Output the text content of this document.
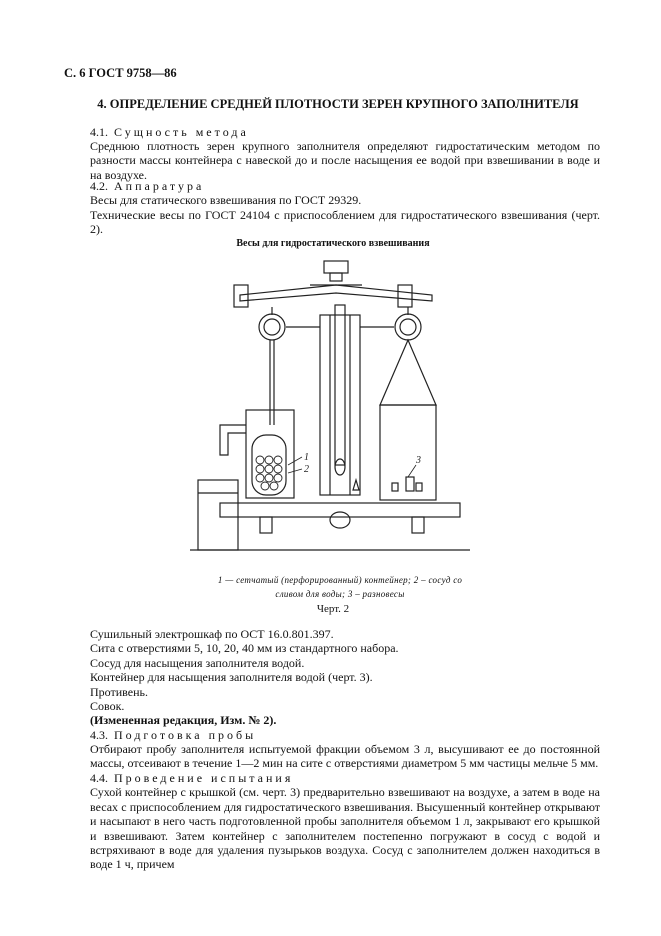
С. 6 ГОСТ 9758—86
4. ОПРЕДЕЛЕНИЕ СРЕДНЕЙ ПЛОТНОСТИ ЗЕРЕН КРУПНОГО ЗАПОЛНИТЕЛЯ

4.1. Сущность метода

Среднюю плотность зерен крупного заполнителя определяют гидростатическим методом по разности массы контейнера с навеской до и после насыщения ее водой при взвешивании в воде и на воздухе.

4.2. Аппаратура

Весы для статического взвешивания по ГОСТ 29329.

Технические весы по ГОСТ 24104 с приспособлением для гидростатического взвешивания (черт. 2).

Весы для гидростатического взвешивания
1
2
3
1 — сетчатый (перфорированный) контейнер; 2 – сосуд со
сливом для воды; 3 – разновесы
Черт. 2

Сушильный электрошкаф по ОСТ 16.0.801.397.

Сита с отверстиями 5, 10, 20, 40 мм из стандартного набора.

Сосуд для насыщения заполнителя водой.

Контейнер для насыщения заполнителя водой (черт. 3).

Противень.

Совок.

(Измененная редакция, Изм. № 2).

4.3. Подготовка пробы

Отбирают пробу заполнителя испытуемой фракции объемом 3 л, высушивают ее до постоянной массы, отсеивают в течение 1—2 мин на сите с отверстиями диаметром 5 мм частицы мельче 5 мм.

4.4. Проведение испытания

Сухой контейнер с крышкой (см. черт. 3) предварительно взвешивают на воздухе, а затем в воде на весах с приспособлением для гидростатического взвешивания. Высушенный контейнер открывают и насыпают в него часть подготовленной пробы заполнителя объемом 1 л, закрывают его крышкой и взвешивают. Затем контейнер с заполнителем постепенно погружают в сосуд с водой и встряхивают в воде для удаления пузырьков воздуха. Сосуд с заполнителем должен находиться в воде 1 ч, причем
